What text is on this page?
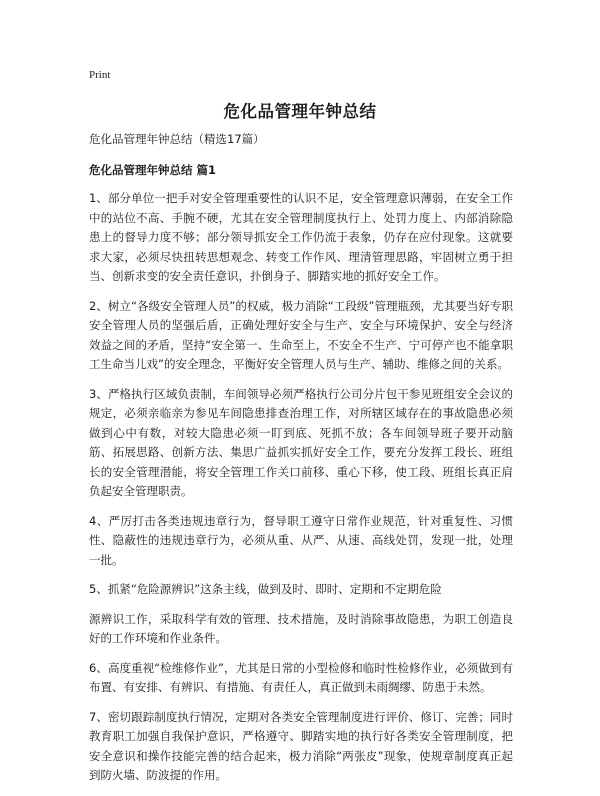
Print
危化品管理年钟总结

危化品管理年钟总结（精选17篇）

危化品管理年钟总结 篇1

1、部分单位一把手对安全管理重要性的认识不足，安全管理意识薄弱，在安全工作中的站位不高、手腕不硬，尤其在安全管理制度执行上、处罚力度上、内部消除隐患上的督导力度不够；部分领导抓安全工作仍流于表象，仍存在应付现象。这就要求大家，必须尽快扭转思想观念、转变工作作风、理清管理思路，牢固树立勇于担当、创新求变的安全责任意识，扑倒身子、脚踏实地的抓好安全工作。

2、树立“各级安全管理人员”的权威，极力消除“工段级”管理瓶颈，尤其要当好专职安全管理人员的坚强后盾，正确处理好安全与生产、安全与环境保护、安全与经济效益之间的矛盾，坚持“安全第一、生命至上，不安全不生产、宁可停产也不能拿职工生命当儿戏”的安全理念，平衡好安全管理人员与生产、辅助、维修之间的关系。

3、严格执行区域负责制，车间领导必须严格执行公司分片包干参见班组安全会议的规定，必须亲临亲为参见车间隐患排查治理工作，对所辖区域存在的事故隐患必须做到心中有数，对较大隐患必须一盯到底、死抓不放；各车间领导班子要开动脑筋、拓展思路、创新方法、集思广益抓实抓好安全工作，要充分发挥工段长、班组长的安全管理潜能，将安全管理工作关口前移、重心下移，使工段、班组长真正肩负起安全管理职责。

4、严厉打击各类违规违章行为，督导职工遵守日常作业规范，针对重复性、习惯性、隐蔽性的违规违章行为，必须从重、从严、从速、高线处罚，发现一批，处理一批。

5、抓紧“危险源辨识”这条主线，做到及时、即时、定期和不定期危险

源辨识工作，采取科学有效的管理、技术措施，及时消除事故隐患，为职工创造良好的工作环境和作业条件。

6、高度重视“检维修作业”，尤其是日常的小型检修和临时性检修作业，必须做到有布置、有安排、有辨识、有措施、有责任人，真正做到未雨绸缪、防患于未然。

7、密切跟踪制度执行情况，定期对各类安全管理制度进行评价、修订、完善；同时教育职工加强自我保护意识，严格遵守、脚踏实地的执行好各类安全管理制度，把安全意识和操作技能完善的结合起来，极力消除“两张皮”现象，使规章制度真正起到防火墙、防波提的作用。
